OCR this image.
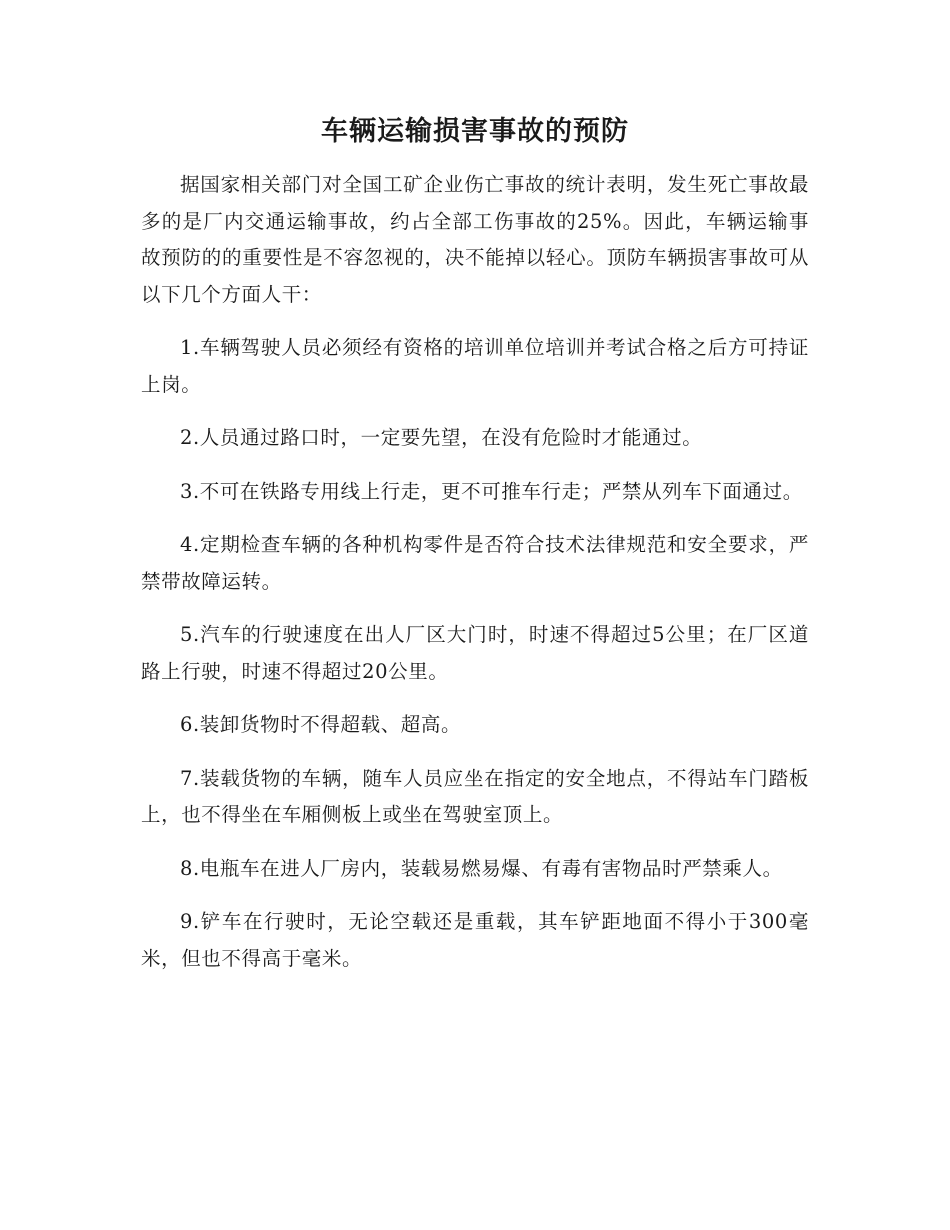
车辆运输损害事故的预防

据国家相关部门对全国工矿企业伤亡事故的统计表明，发生死亡事故最多的是厂内交通运输事故，约占全部工伤事故的25%。因此，车辆运输事故预防的的重要性是不容忽视的，决不能掉以轻心。顶防车辆损害事故可从以下几个方面人干：

1.车辆驾驶人员必须经有资格的培训单位培训并考试合格之后方可持证上岗。

2.人员通过路口时，一定要先望，在没有危险时才能通过。

3.不可在铁路专用线上行走，更不可推车行走；严禁从列车下面通过。

4.定期检查车辆的各种机构零件是否符合技术法律规范和安全要求，严禁带故障运转。

5.汽车的行驶速度在出人厂区大门时，时速不得超过5公里；在厂区道路上行驶，时速不得超过20公里。

6.装卸货物时不得超载、超高。

7.装载货物的车辆，随车人员应坐在指定的安全地点，不得站车门踏板上，也不得坐在车厢侧板上或坐在驾驶室顶上。

8.电瓶车在进人厂房内，装载易燃易爆、有毒有害物品时严禁乘人。

9.铲车在行驶时，无论空载还是重载，其车铲距地面不得小于300毫米，但也不得高于毫米。
